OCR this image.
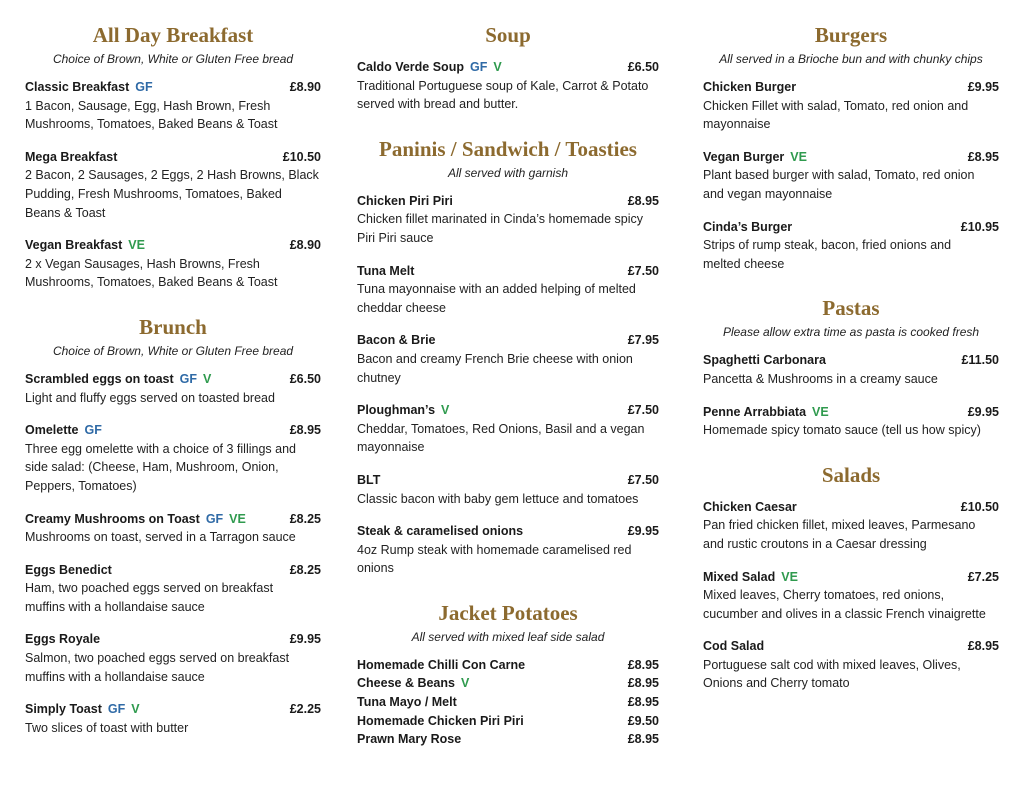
All Day Breakfast
Choice of Brown, White or Gluten Free bread
Classic Breakfast GF	£8.90
1 Bacon, Sausage, Egg, Hash Brown, Fresh
Mushrooms, Tomatoes, Baked Beans & Toast
Mega Breakfast	£10.50
2 Bacon, 2 Sausages, 2 Eggs, 2 Hash Browns, Black
Pudding, Fresh Mushrooms, Tomatoes, Baked
Beans & Toast
Vegan Breakfast VE	£8.90
2 x Vegan Sausages, Hash Browns, Fresh
Mushrooms, Tomatoes, Baked Beans & Toast
Brunch
Choice of Brown, White or Gluten Free bread
Scrambled eggs on toast GF V	£6.50
Light and fluffy eggs served on toasted bread
Omelette GF	£8.95
Three egg omelette with a choice of 3 fillings and
side salad: (Cheese, Ham, Mushroom, Onion,
Peppers, Tomatoes)
Creamy Mushrooms on Toast GF VE	£8.25
Mushrooms on toast, served in a Tarragon sauce
Eggs Benedict	£8.25
Ham, two poached eggs served on breakfast
muffins with a hollandaise sauce
Eggs Royale	£9.95
Salmon, two poached eggs served on breakfast
muffins with a hollandaise sauce
Simply Toast GF V	£2.25
Two slices of toast with butter
Soup
Caldo Verde Soup GF V	£6.50
Traditional Portuguese soup of Kale, Carrot & Potato
served with bread and butter.
Paninis / Sandwich / Toasties
All served with garnish
Chicken Piri Piri	£8.95
Chicken fillet marinated in Cinda’s homemade spicy
Piri Piri sauce
Tuna Melt	£7.50
Tuna mayonnaise with an added helping of melted
cheddar cheese
Bacon & Brie	£7.95
Bacon and creamy French Brie cheese with onion
chutney
Ploughman’s V	£7.50
Cheddar, Tomatoes, Red Onions, Basil and a vegan
mayonnaise
BLT	£7.50
Classic bacon with baby gem lettuce and tomatoes
Steak & caramelised onions	£9.95
4oz Rump steak with homemade caramelised red
onions
Jacket Potatoes
All served with mixed leaf side salad
Homemade Chilli Con Carne	£8.95
Cheese & Beans V	£8.95
Tuna Mayo / Melt	£8.95
Homemade Chicken Piri Piri	£9.50
Prawn Mary Rose	£8.95
Burgers
All served in a Brioche bun and with chunky chips
Chicken Burger	£9.95
Chicken Fillet with salad, Tomato, red onion and
mayonnaise
Vegan Burger VE	£8.95
Plant based burger with salad, Tomato, red onion
and vegan mayonnaise
Cinda’s Burger	£10.95
Strips of rump steak, bacon, fried onions and
melted cheese
Pastas
Please allow extra time as pasta is cooked fresh
Spaghetti Carbonara	£11.50
Pancetta & Mushrooms in a creamy sauce
Penne Arrabbiata VE	£9.95
Homemade spicy tomato sauce (tell us how spicy)
Salads
Chicken Caesar	£10.50
Pan fried chicken fillet, mixed leaves, Parmesano
and rustic croutons in a Caesar dressing
Mixed Salad VE	£7.25
Mixed leaves, Cherry tomatoes, red onions,
cucumber and olives in a classic French vinaigrette
Cod Salad	£8.95
Portuguese salt cod with mixed leaves, Olives,
Onions and Cherry tomato
